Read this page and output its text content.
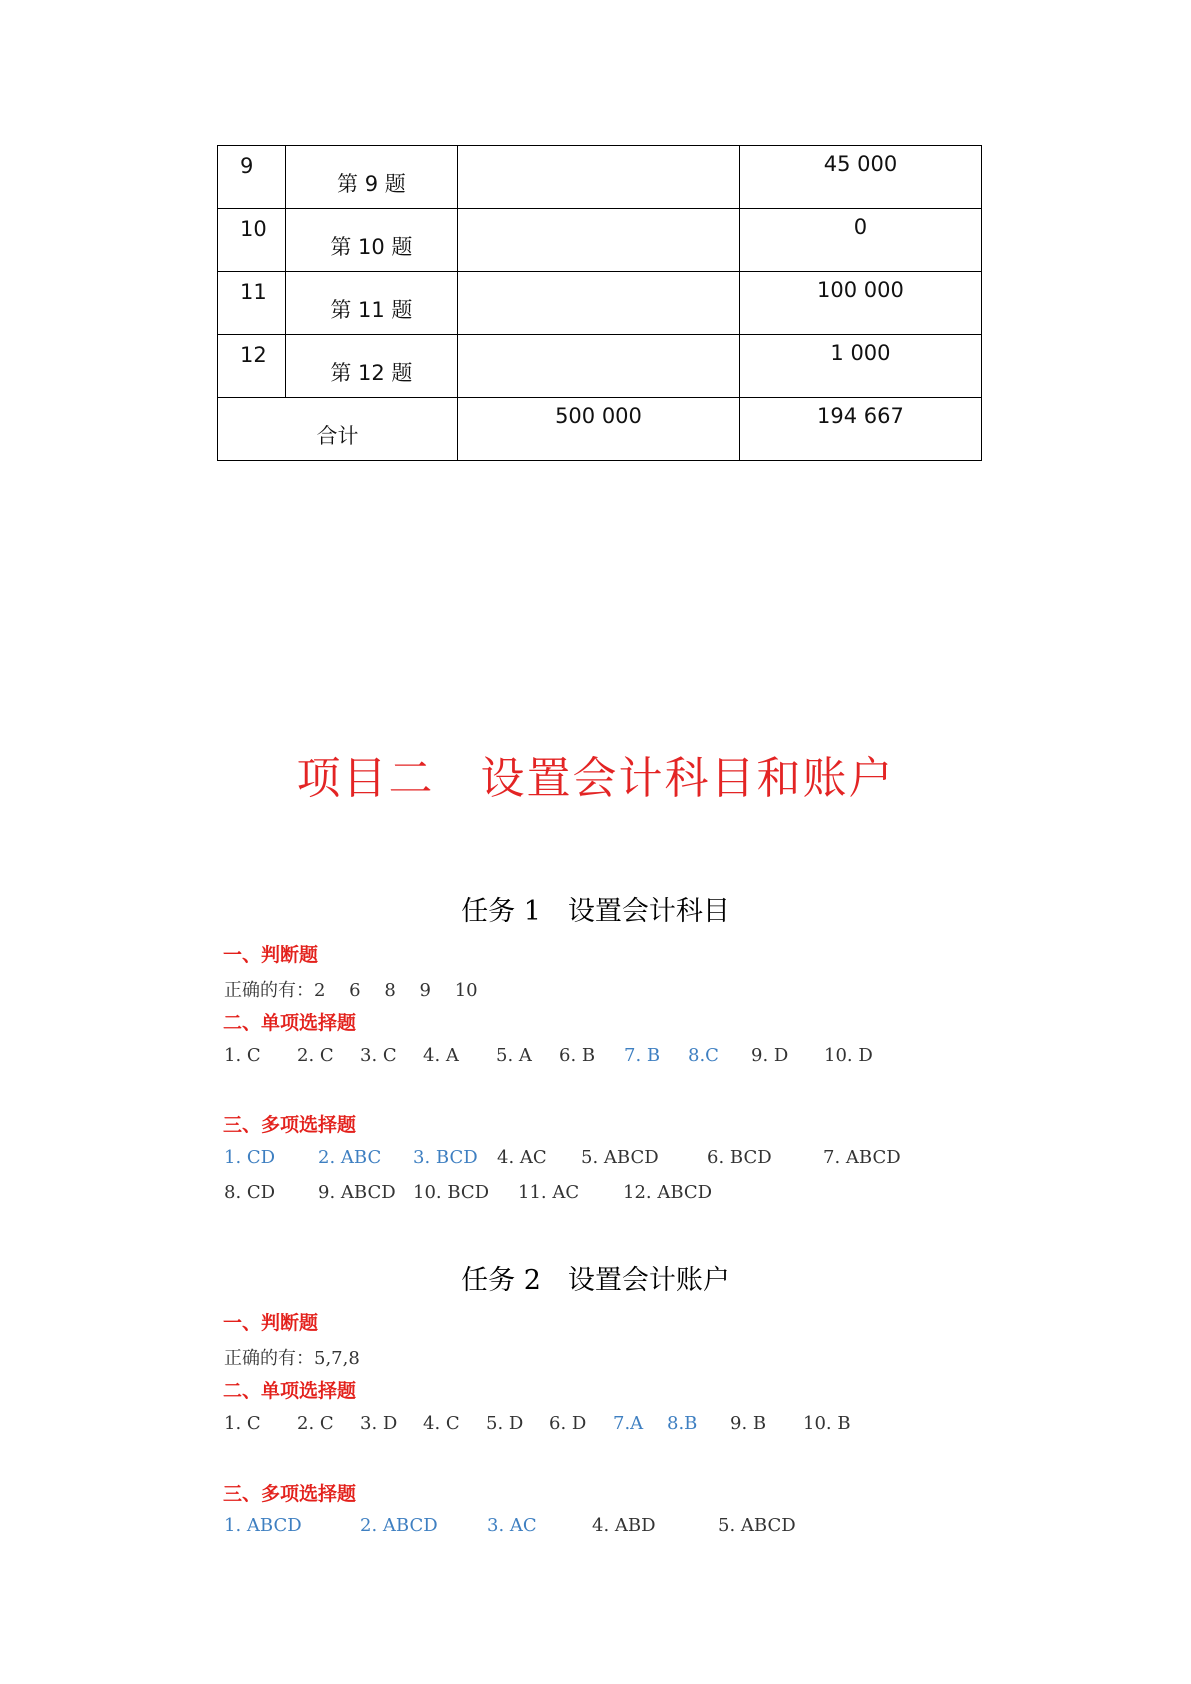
9	第 9 题		45 000

10	第 10 题		0

11	第 11 题		100 000

12	第 12 题		1 000

合计		500 000	194 667
项目二　设置会计科目和账户
任务 1　设置会计科目
一、判断题
正确的有：2　 6 　8　 9　 10
二、单项选择题
1. C 2. C 3. C 4. A 5. A 6. B 7. B 8.C 9. D 10. D
三、多项选择题
1. CD 2. ABC 3. BCD 4. AC 5. ABCD	6. BCD	7. ABCD
8. CD 9. ABCD 10. BCD 11. AC 12. ABCD
任务 2　设置会计账户
一、判断题
正确的有：5,7,8
二、单项选择题
1. C 2. C 3. D 4. C 5. D 6. D 7.A 8.B 9. B 10. B
三、多项选择题
1. ABCD	2. ABCD	3. AC	4. ABD	5. ABCD
